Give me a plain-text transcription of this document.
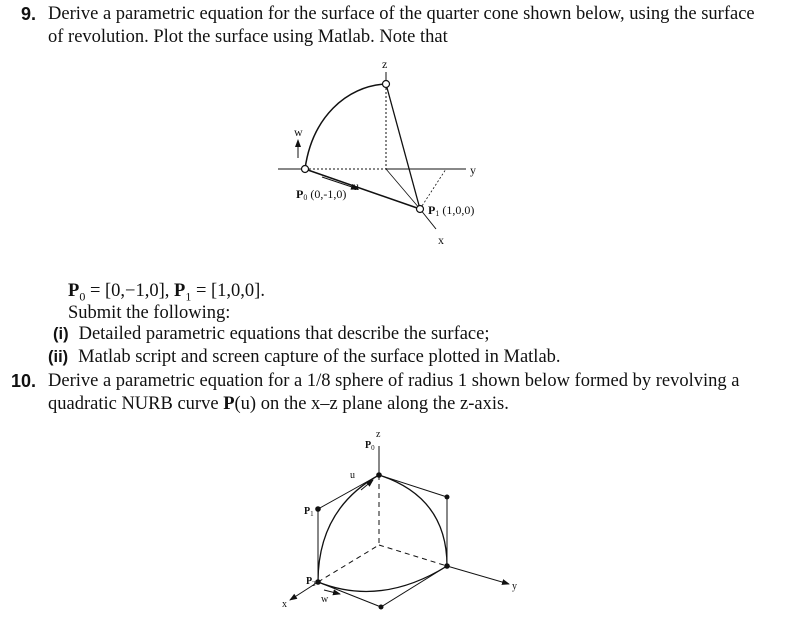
9. Derive a parametric equation for the surface of the quarter cone shown below, using the surface
of revolution. Plot the surface using Matlab. Note that
z
w
u
y
x
P0 (0,-1,0)
P1 (1,0,0)
$P_0 = [0,-1,0]$, $P_1 = [1,0,0]$.
Submit the following:
(i) Detailed parametric equations that describe the surface;
(ii) Matlab script and screen capture of the surface plotted in Matlab.
10. Derive a parametric equation for a 1/8 sphere of radius 1 shown below formed by revolving a
quadratic NURB curve P(u) on the x–z plane along the z-axis.
z
$P_0$
u
$P_1$
$P_2$
w
x
y
